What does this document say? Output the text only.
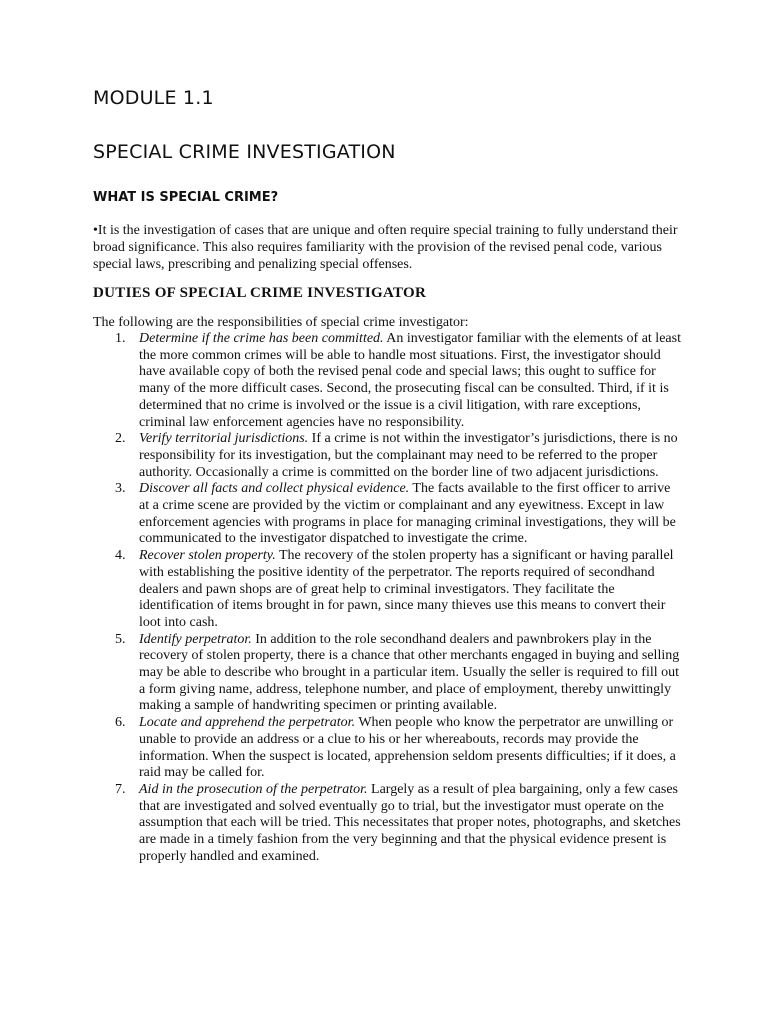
MODULE 1.1
SPECIAL CRIME INVESTIGATION
WHAT IS SPECIAL CRIME?

•It is the investigation of cases that are unique and often require special training to fully understand their broad significance. This also requires familiarity with the provision of the revised penal code, various special laws, prescribing and penalizing special offenses.

DUTIES OF SPECIAL CRIME INVESTIGATOR

The following are the responsibilities of special crime investigator:

1. Determine if the crime has been committed. An investigator familiar with the elements of at least the more common crimes will be able to handle most situations. First, the investigator should have available copy of both the revised penal code and special laws; this ought to suffice for many of the more difficult cases. Second, the prosecuting fiscal can be consulted. Third, if it is determined that no crime is involved or the issue is a civil litigation, with rare exceptions, criminal law enforcement agencies have no responsibility.
2. Verify territorial jurisdictions. If a crime is not within the investigator’s jurisdictions, there is no responsibility for its investigation, but the complainant may need to be referred to the proper authority. Occasionally a crime is committed on the border line of two adjacent jurisdictions.
3. Discover all facts and collect physical evidence. The facts available to the first officer to arrive at a crime scene are provided by the victim or complainant and any eyewitness. Except in law enforcement agencies with programs in place for managing criminal investigations, they will be communicated to the investigator dispatched to investigate the crime.
4. Recover stolen property. The recovery of the stolen property has a significant or having parallel with establishing the positive identity of the perpetrator. The reports required of secondhand dealers and pawn shops are of great help to criminal investigators. They facilitate the identification of items brought in for pawn, since many thieves use this means to convert their loot into cash.
5. Identify perpetrator. In addition to the role secondhand dealers and pawnbrokers play in the recovery of stolen property, there is a chance that other merchants engaged in buying and selling may be able to describe who brought in a particular item. Usually the seller is required to fill out a form giving name, address, telephone number, and place of employment, thereby unwittingly making a sample of handwriting specimen or printing available.
6. Locate and apprehend the perpetrator. When people who know the perpetrator are unwilling or unable to provide an address or a clue to his or her whereabouts, records may provide the information. When the suspect is located, apprehension seldom presents difficulties; if it does, a raid may be called for.
7. Aid in the prosecution of the perpetrator. Largely as a result of plea bargaining, only a few cases that are investigated and solved eventually go to trial, but the investigator must operate on the assumption that each will be tried. This necessitates that proper notes, photographs, and sketches are made in a timely fashion from the very beginning and that the physical evidence present is properly handled and examined.
